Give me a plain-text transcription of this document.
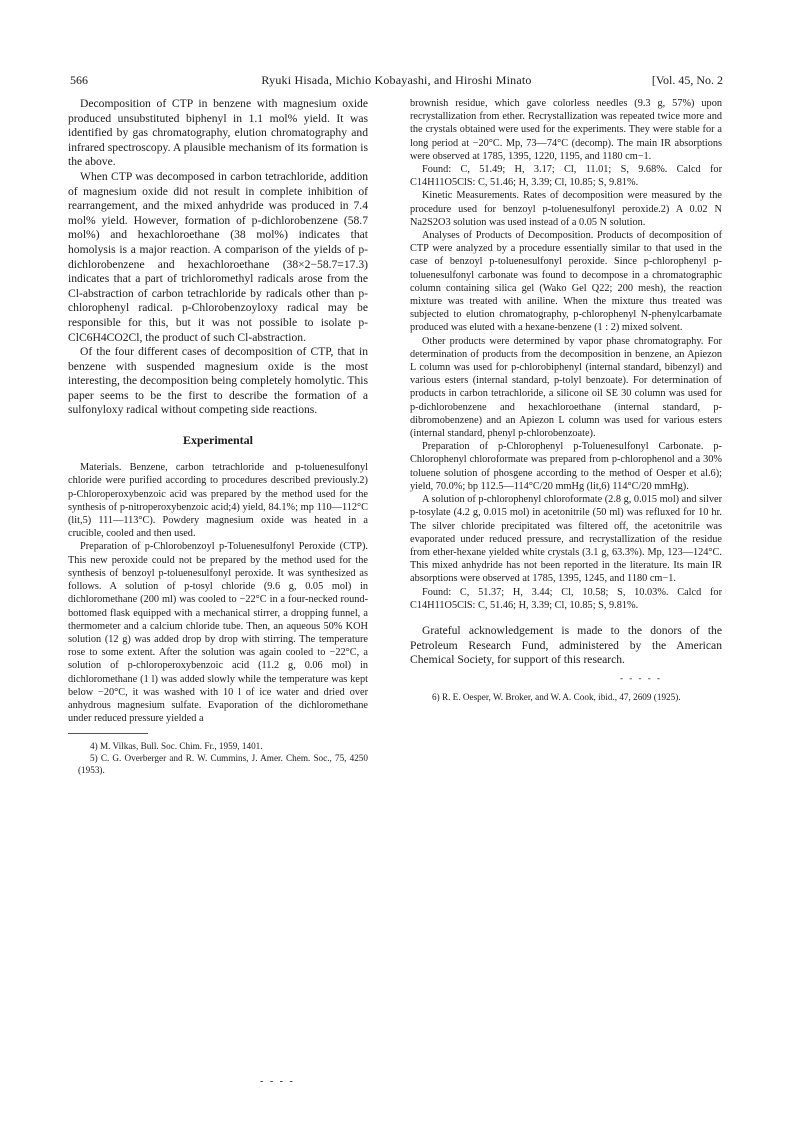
566	Ryuki Hisada, Michio Kobayashi, and Hiroshi Minato	[Vol. 45, No. 2

Decomposition of CTP in benzene with magnesium oxide produced unsubstituted biphenyl in 1.1 mol% yield. It was identified by gas chromatography, elution chromatography and infrared spectroscopy. A plausible mechanism of its formation is the above.

When CTP was decomposed in carbon tetrachloride, addition of magnesium oxide did not result in complete inhibition of rearrangement, and the mixed anhydride was produced in 7.4 mol% yield. However, formation of p-dichlorobenzene (58.7 mol%) and hexachloroethane (38 mol%) indicates that homolysis is a major reaction. A comparison of the yields of p-dichlorobenzene and hexachloroethane (38×2−58.7=17.3) indicates that a part of trichloromethyl radicals arose from the Cl-abstraction of carbon tetrachloride by radicals other than p-chlorophenyl radical. p-Chlorobenzoyloxy radical may be responsible for this, but it was not possible to isolate p-ClC6H4CO2Cl, the product of such Cl-abstraction.

Of the four different cases of decomposition of CTP, that in benzene with suspended magnesium oxide is the most interesting, the decomposition being completely homolytic. This paper seems to be the first to describe the formation of a sulfonyloxy radical without competing side reactions.

Experimental

Materials. Benzene, carbon tetrachloride and p-toluenesulfonyl chloride were purified according to procedures described previously.2) p-Chloroperoxybenzoic acid was prepared by the method used for the synthesis of p-nitroperoxybenzoic acid;4) yield, 84.1%; mp 110—112°C (lit,5) 111—113°C). Powdery magnesium oxide was heated in a crucible, cooled and then used.

Preparation of p-Chlorobenzoyl p-Toluenesulfonyl Peroxide (CTP). This new peroxide could not be prepared by the method used for the synthesis of benzoyl p-toluenesulfonyl peroxide. It was synthesized as follows. A solution of p-tosyl chloride (9.6 g, 0.05 mol) in dichloromethane (200 ml) was cooled to −22°C in a four-necked round-bottomed flask equipped with a mechanical stirrer, a dropping funnel, a thermometer and a calcium chloride tube. Then, an aqueous 50% KOH solution (12 g) was added drop by drop with stirring. The temperature rose to some extent. After the solution was again cooled to −22°C, a solution of p-chloroperoxybenzoic acid (11.2 g, 0.06 mol) in dichloromethane (1 l) was added slowly while the temperature was kept below −20°C, it was washed with 10 l of ice water and dried over anhydrous magnesium sulfate. Evaporation of the dichloromethane under reduced pressure yielded a

4) M. Vilkas, Bull. Soc. Chim. Fr., 1959, 1401.

5) C. G. Overberger and R. W. Cummins, J. Amer. Chem. Soc., 75, 4250 (1953).

brownish residue, which gave colorless needles (9.3 g, 57%) upon recrystallization from ether. Recrystallization was repeated twice more and the crystals obtained were used for the experiments. They were stable for a long period at −20°C. Mp, 73—74°C (decomp). The main IR absorptions were observed at 1785, 1395, 1220, 1195, and 1180 cm−1.

Found: C, 51.49; H, 3.17; Cl, 11.01; S, 9.68%. Calcd for C14H11O5ClS: C, 51.46; H, 3.39; Cl, 10.85; S, 9.81%.

Kinetic Measurements. Rates of decomposition were measured by the procedure used for benzoyl p-toluenesulfonyl peroxide.2) A 0.02 N Na2S2O3 solution was used instead of a 0.05 N solution.

Analyses of Products of Decomposition. Products of decomposition of CTP were analyzed by a procedure essentially similar to that used in the case of benzoyl p-toluenesulfonyl peroxide. Since p-chlorophenyl p-toluenesulfonyl carbonate was found to decompose in a chromatographic column containing silica gel (Wako Gel Q22; 200 mesh), the reaction mixture was treated with aniline. When the mixture thus treated was subjected to elution chromatography, p-chlorophenyl N-phenylcarbamate produced was eluted with a hexane-benzene (1 : 2) mixed solvent.

Other products were determined by vapor phase chromatography. For determination of products from the decomposition in benzene, an Apiezon L column was used for p-chlorobiphenyl (internal standard, bibenzyl) and various esters (internal standard, p-tolyl benzoate). For determination of products in carbon tetrachloride, a silicone oil SE 30 column was used for p-dichlorobenzene and hexachloroethane (internal standard, p-dibromobenzene) and an Apiezon L column was used for various esters (internal standard, phenyl p-chlorobenzoate).

Preparation of p-Chlorophenyl p-Toluenesulfonyl Carbonate. p-Chlorophenyl chloroformate was prepared from p-chlorophenol and a 30% toluene solution of phosgene according to the method of Oesper et al.6); yield, 70.0%; bp 112.5—114°C/20 mmHg (lit,6) 114°C/20 mmHg).

A solution of p-chlorophenyl chloroformate (2.8 g, 0.015 mol) and silver p-tosylate (4.2 g, 0.015 mol) in acetonitrile (50 ml) was refluxed for 10 hr. The silver chloride precipitated was filtered off, the acetonitrile was evaporated under reduced pressure, and recrystallization of the residue from ether-hexane yielded white crystals (3.1 g, 63.3%). Mp, 123—124°C. This mixed anhydride has not been reported in the literature. Its main IR absorptions were observed at 1785, 1395, 1245, and 1180 cm−1.

Found: C, 51.37; H, 3.44; Cl, 10.58; S, 10.03%. Calcd for C14H11O5ClS: C, 51.46; H, 3.39; Cl, 10.85; S, 9.81%.

Grateful acknowledgement is made to the donors of the Petroleum Research Fund, administered by the American Chemical Society, for support of this research.

- - - - -

6) R. E. Oesper, W. Broker, and W. A. Cook, ibid., 47, 2609 (1925).

- - - -
